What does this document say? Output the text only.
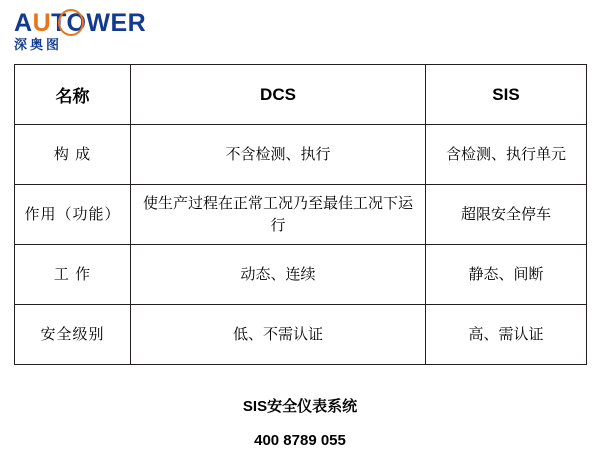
AUTOWER
深奥图
名称	DCS	SIS
构 成	不含检测、执行	含检测、执行单元
作用（功能）	使生产过程在正常工况乃至最佳工况下运行	超限安全停车
工 作	动态、连续	静态、间断
安全级别	低、不需认证	高、需认证
SIS安全仪表系统
400 8789 055
